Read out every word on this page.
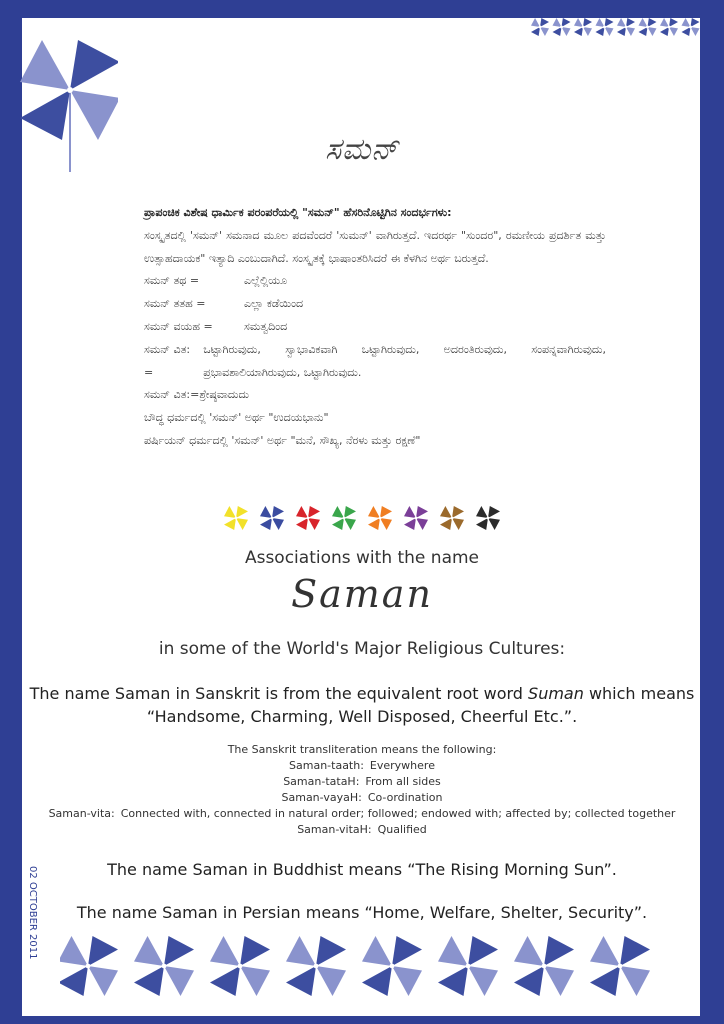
ಸಮನ್
ಪ್ರಾಪಂಚಿಕ ವಿಶೇಷ ಧಾರ್ಮಿಕ ಪರಂಪರೆಯಲ್ಲಿ "ಸಮನ್" ಹೆಸರಿನೊಟ್ಟಿಗಿನ ಸಂದರ್ಭಗಳು:
ಸಂಸ್ಕೃತದಲ್ಲಿ 'ಸಮನ್' ಸಮನಾದ ಮೂಲ ಪದವೆಂದರೆ 'ಸುಮನ್' ವಾಗಿರುತ್ತದೆ. ಇದರರ್ಥ "ಸುಂದರ", ರಮಣೀಯ ಪ್ರದರ್ಶಿತ ಮತ್ತು ಉತ್ಸಾಹದಾಯಕ" ಇತ್ಯಾದಿ ಎಂಬುದಾಗಿದೆ. ಸಂಸ್ಕೃತಕ್ಕೆ ಭಾಷಾಂತರಿಸಿದರೆ ಈ ಕೆಳಗಿನ ಅರ್ಥ ಬರುತ್ತದೆ.
ಸಮನ್ ತಥ =	ಎಲ್ಲೆಲ್ಲಿಯೂ
ಸಮನ್ ತತಹ =	ಎಲ್ಲಾ ಕಡೆಯಿಂದ
ಸಮನ್ ವಯಹ =	ಸಮತ್ವದಿಂದ
ಸಮನ್ ವಿತ: =
ಒಟ್ಟಾಗಿರುವುದು, ಸ್ವಾಭಾವಿಕವಾಗಿ ಒಟ್ಟಾಗಿರುವುದು, ಅದರಂತಿರುವುದು, ಸಂಪನ್ನವಾಗಿರುವುದು, ಪ್ರಭಾವಶಾಲಿಯಾಗಿರುವುದು, ಒಟ್ಟಾಗಿರುವುದು.
ಸಮನ್ ವಿತ:=ಶ್ರೇಷ್ಠವಾದುದು
ಬೌದ್ಧ ಧರ್ಮದಲ್ಲಿ 'ಸಮನ್' ಅರ್ಥ "ಉದಯಭಾನು"
ಪರ್ಷಿಯನ್ ಧರ್ಮದಲ್ಲಿ 'ಸಮನ್' ಅರ್ಥ "ಮನೆ, ಸೌಖ್ಯ, ನೆರಳು ಮತ್ತು ರಕ್ಷಣೆ"
Associations with the name
Saman
in some of the World's Major Religious Cultures:
The name Saman in Sanskrit is from the equivalent root word Suman which means
“Handsome, Charming, Well Disposed, Cheerful Etc.”.
The Sanskrit transliteration means the following:
Saman-taath: Everywhere
Saman-tataH: From all sides
Saman-vayaH: Co-ordination
Saman-vita: Connected with, connected in natural order; followed; endowed with; affected by; collected together
Saman-vitaH: Qualified
The name Saman in Buddhist means “The Rising Morning Sun”.
The name Saman in Persian means “Home, Welfare, Shelter, Security”.
02 OCTOBER 2011
